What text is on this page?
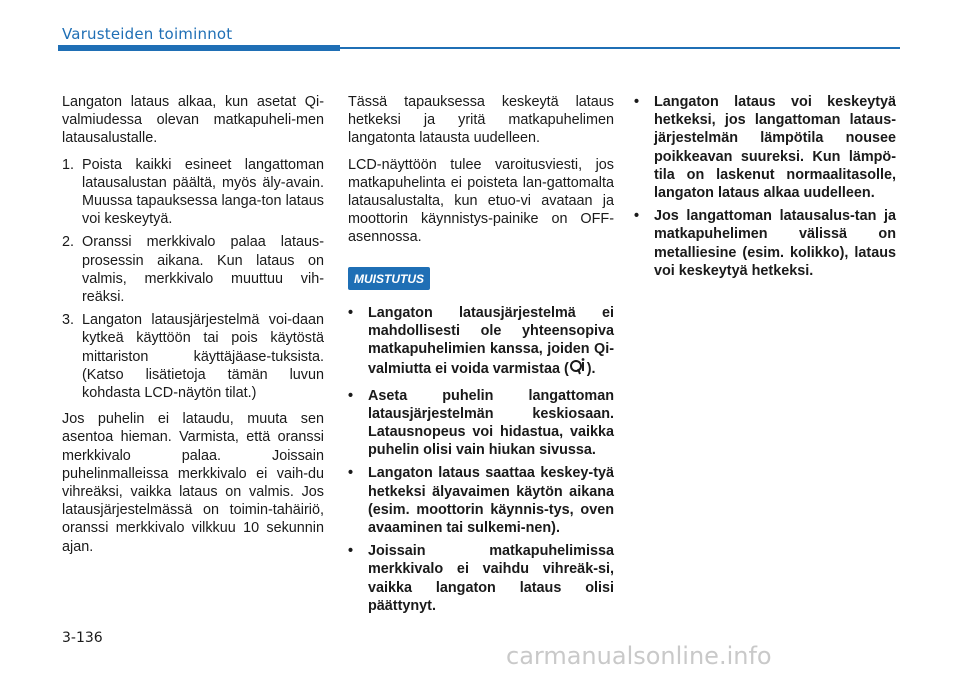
Varusteiden toiminnot

Langaton lataus alkaa, kun asetat Qi-valmiudessa olevan matkapuheli-men latausalustalle.

1. Poista kaikki esineet langattoman latausalustan päältä, myös äly-avain. Muussa tapauksessa langa-ton lataus voi keskeytyä.
2. Oranssi merkkivalo palaa lataus-prosessin aikana. Kun lataus on valmis, merkkivalo muuttuu vih-reäksi.
3. Langaton latausjärjestelmä voi-daan kytkeä käyttöön tai pois käytöstä mittariston käyttäjäase-tuksista. (Katso lisätietoja tämän luvun kohdasta LCD-näytön tilat.)

Jos puhelin ei lataudu, muuta sen asentoa hieman. Varmista, että oranssi merkkivalo palaa. Joissain puhelinmalleissa merkkivalo ei vaih-du vihreäksi, vaikka lataus on valmis. Jos latausjärjestelmässä on toimin-tahäiriö, oranssi merkkivalo vilkkuu 10 sekunnin ajan.

Tässä tapauksessa keskeytä lataus hetkeksi ja yritä matkapuhelimen langatonta latausta uudelleen.

LCD-näyttöön tulee varoitusviesti, jos matkapuhelinta ei poisteta lan-gattomalta latausalustalta, kun etuo-vi avataan ja moottorin käynnistys-painike on OFF-asennossa.

MUISTUTUS
• Langaton latausjärjestelmä ei mahdollisesti ole yhteensopiva matkapuhelimien kanssa, joiden Qi-valmiutta ei voida varmistaa ( ).
• Aseta puhelin langattoman latausjärjestelmän keskiosaan. Latausnopeus voi hidastua, vaikka puhelin olisi vain hiukan sivussa.
• Langaton lataus saattaa keskey-tyä hetkeksi älyavaimen käytön aikana (esim. moottorin käynnis-tys, oven avaaminen tai sulkemi-nen).
• Joissain matkapuhelimissa merkkivalo ei vaihdu vihreäk-si, vaikka langaton lataus olisi päättynyt.
• Langaton lataus voi keskeytyä hetkeksi, jos langattoman lataus-järjestelmän lämpötila nousee poikkeavan suureksi. Kun lämpö-tila on laskenut normaalitasolle, langaton lataus alkaa uudelleen.
• Jos langattoman latausalus-tan ja matkapuhelimen välissä on metalliesine (esim. kolikko), lataus voi keskeytyä hetkeksi.
3-136
carmanualsonline.info
